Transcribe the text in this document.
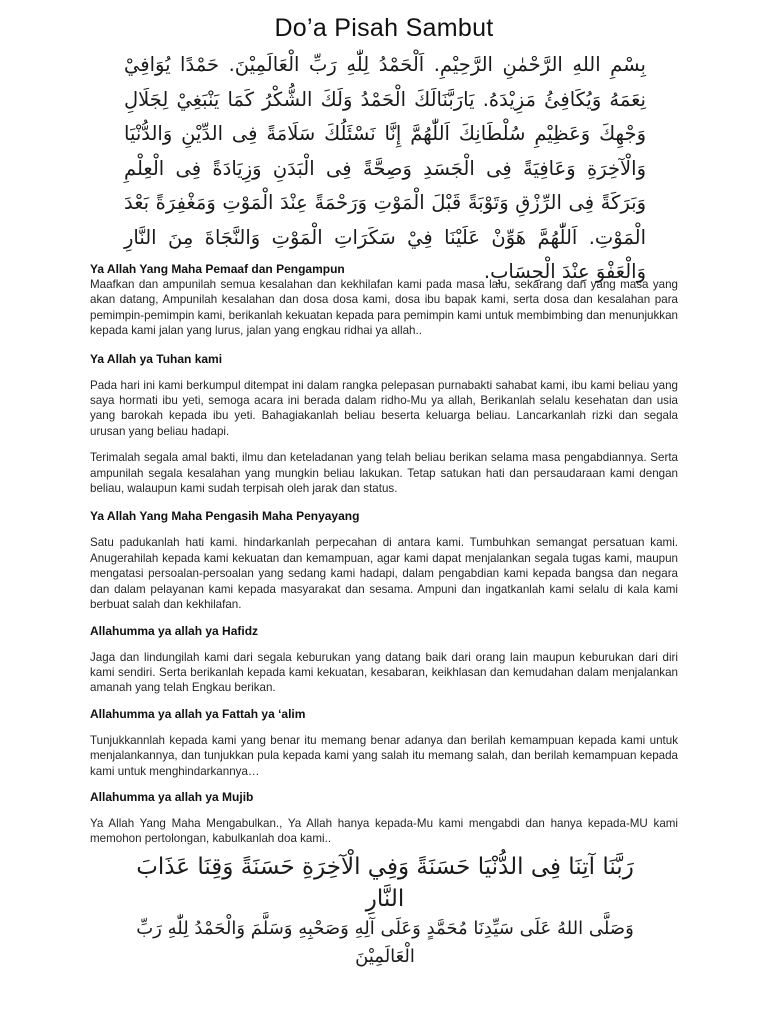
Do’a Pisah Sambut
بِسْمِ اللهِ الرَّحْمٰنِ الرَّحِيْمِ. اَلْحَمْدُ لِلّٰهِ رَبِّ الْعَالَمِيْنَ. حَمْدًا يُوَافِيْ نِعَمَهُ وَيُكَافِئُ مَزِيْدَهُ. يَارَبَّنَالَكَ الْحَمْدُ وَلَكَ الشُّكْرُ كَمَا يَنْبَغِيْ لِجَلَالِ وَجْهِكَ وَعَظِيْمِ سُلْطَانِكَ اَللّٰهُمَّ إِنَّا نَسْئَلُكَ سَلَامَةً فِى الدِّيْنِ وَالدُّنْيَا وَالْآخِرَةِ وَعَافِيَةً فِى الْجَسَدِ وَصِحَّةً فِى الْبَدَنِ وَزِيَادَةً فِى الْعِلْمِ وَبَرَكَةً فِى الرِّزْقِ وَتَوْبَةً قَبْلَ الْمَوْتِ وَرَحْمَةً عِنْدَ الْمَوْتِ وَمَغْفِرَةً بَعْدَ الْمَوْتِ. اَللّٰهُمَّ هَوِّنْ عَلَيْنَا فِيْ سَكَرَاتِ الْمَوْتِ وَالنَّجَاةَ مِنَ النَّارِ وَالْعَفْوَ عِنْدَ الْحِسَابِ.
Ya Allah Yang Maha Pemaaf dan Pengampun

Maafkan dan ampunilah semua kesalahan dan kekhilafan kami pada masa lalu, sekarang dan yang masa yang akan datang, Ampunilah kesalahan dan dosa dosa kami, dosa ibu bapak kami, serta dosa dan kesalahan para pemimpin-pemimpin kami, berikanlah kekuatan kepada para pemimpin kami untuk membimbing dan menunjukkan kepada kami jalan yang lurus, jalan yang engkau ridhai ya allah..

Ya Allah ya Tuhan kami

Pada hari ini kami berkumpul ditempat ini dalam rangka pelepasan purnabakti sahabat kami, ibu kami beliau yang saya hormati ibu yeti, semoga acara ini berada dalam ridho-Mu ya allah, Berikanlah selalu kesehatan dan usia yang barokah kepada ibu yeti. Bahagiakanlah beliau beserta keluarga beliau. Lancarkanlah rizki dan segala urusan yang beliau hadapi.

Terimalah segala amal bakti, ilmu dan keteladanan yang telah beliau berikan selama masa pengabdiannya. Serta ampunilah segala kesalahan yang mungkin beliau lakukan. Tetap satukan hati dan persaudaraan kami dengan beliau, walaupun kami sudah terpisah oleh jarak dan status.

Ya Allah Yang Maha Pengasih Maha Penyayang

Satu padukanlah hati kami. hindarkanlah perpecahan di antara kami. Tumbuhkan semangat persatuan kami. Anugerahilah kepada kami kekuatan dan kemampuan, agar kami dapat menjalankan segala tugas kami, maupun mengatasi persoalan-persoalan yang sedang kami hadapi, dalam pengabdian kami kepada bangsa dan negara dan dalam pelayanan kami kepada masyarakat dan sesama. Ampuni dan ingatkanlah kami selalu di kala kami berbuat salah dan kekhilafan.

Allahumma ya allah ya Hafidz

Jaga dan lindungilah kami dari segala keburukan yang datang baik dari orang lain maupun keburukan dari diri kami sendiri. Serta berikanlah kepada kami kekuatan, kesabaran, keikhlasan dan kemudahan dalam menjalankan amanah yang telah Engkau berikan.

Allahumma ya allah ya Fattah ya ‘alim

Tunjukkannlah kepada kami yang benar itu memang benar adanya dan berilah kemampuan kepada kami untuk menjalankannya, dan tunjukkan pula kepada kami yang salah itu memang salah, dan berilah kemampuan kepada kami untuk menghindarkannya…

Allahumma ya allah ya Mujib

Ya Allah Yang Maha Mengabulkan., Ya Allah hanya kepada-Mu kami mengabdi dan hanya kepada-MU kami memohon pertolongan, kabulkanlah doa kami..

رَبَّنَا آتِنَا فِى الدُّنْيَا حَسَنَةً وَفِي الْآخِرَةِ حَسَنَةً وَقِنَا عَذَابَ النَّارِ
وَصَلَّى اللهُ عَلَى سَيِّدِنَا مُحَمَّدٍ وَعَلَى آلِهِ وَصَحْبِهِ وَسَلَّمَ وَالْحَمْدُ لِلّٰهِ رَبِّ الْعَالَمِيْنَ
